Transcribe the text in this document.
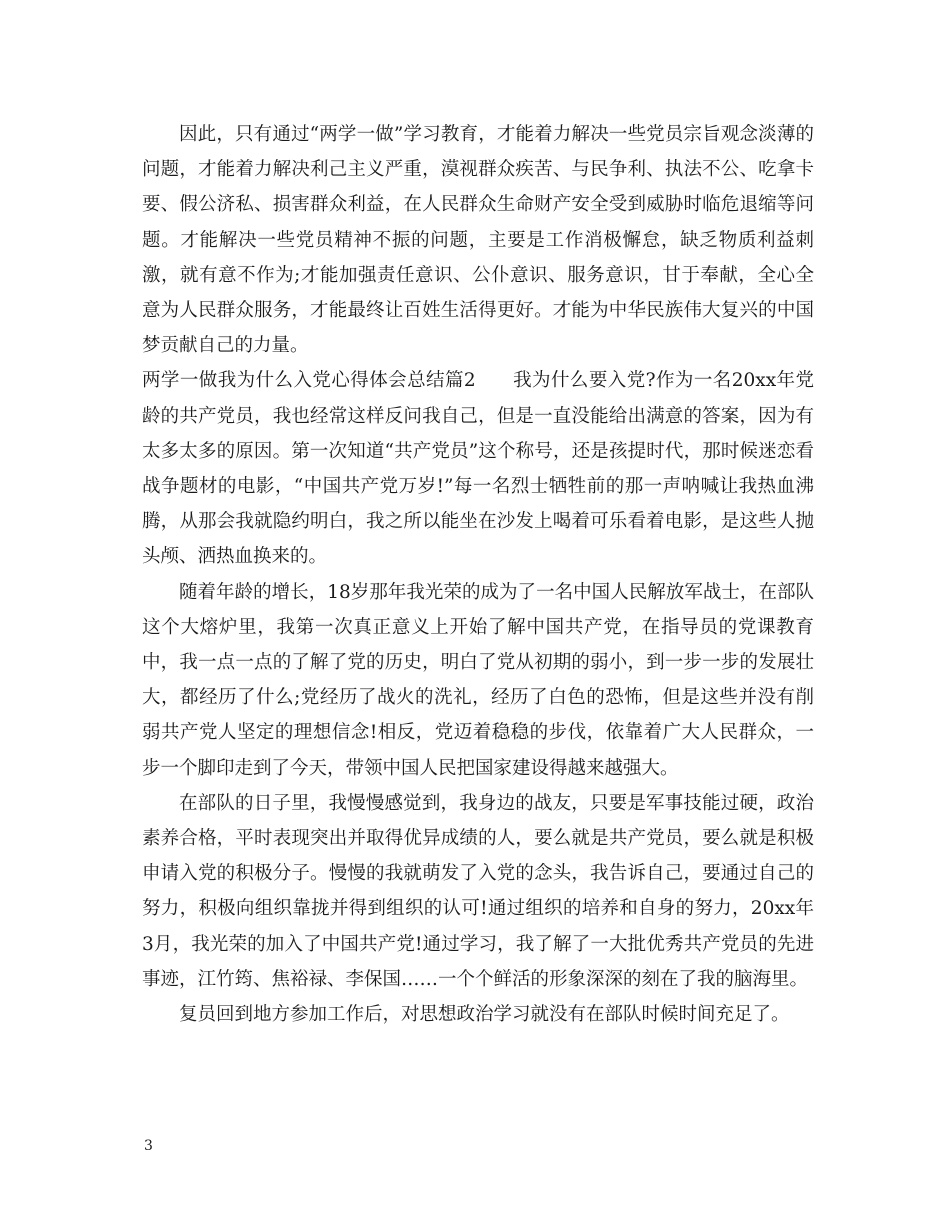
因此，只有通过“两学一做”学习教育，才能着力解决一些党员宗旨观念淡薄的问题，才能着力解决利己主义严重，漠视群众疾苦、与民争利、执法不公、吃拿卡要、假公济私、损害群众利益，在人民群众生命财产安全受到威胁时临危退缩等问题。才能解决一些党员精神不振的问题，主要是工作消极懈怠，缺乏物质利益刺激，就有意不作为;才能加强责任意识、公仆意识、服务意识，甘于奉献，全心全意为人民群众服务，才能最终让百姓生活得更好。才能为中华民族伟大复兴的中国梦贡献自己的力量。

两学一做我为什么入党心得体会总结篇2   我为什么要入党?作为一名20xx年党龄的共产党员，我也经常这样反问我自己，但是一直没能给出满意的答案，因为有太多太多的原因。第一次知道“共产党员”这个称号，还是孩提时代，那时候迷恋看战争题材的电影，“中国共产党万岁!”每一名烈士牺牲前的那一声呐喊让我热血沸腾，从那会我就隐约明白，我之所以能坐在沙发上喝着可乐看着电影，是这些人抛头颅、洒热血换来的。

随着年龄的增长，18岁那年我光荣的成为了一名中国人民解放军战士，在部队这个大熔炉里，我第一次真正意义上开始了解中国共产党，在指导员的党课教育中，我一点一点的了解了党的历史，明白了党从初期的弱小，到一步一步的发展壮大，都经历了什么;党经历了战火的洗礼，经历了白色的恐怖，但是这些并没有削弱共产党人坚定的理想信念!相反，党迈着稳稳的步伐，依靠着广大人民群众，一步一个脚印走到了今天，带领中国人民把国家建设得越来越强大。

在部队的日子里，我慢慢感觉到，我身边的战友，只要是军事技能过硬，政治素养合格，平时表现突出并取得优异成绩的人，要么就是共产党员，要么就是积极申请入党的积极分子。慢慢的我就萌发了入党的念头，我告诉自己，要通过自己的努力，积极向组织靠拢并得到组织的认可!通过组织的培养和自身的努力，20xx年3月，我光荣的加入了中国共产党!通过学习，我了解了一大批优秀共产党员的先进事迹，江竹筠、焦裕禄、李保国……一个个鲜活的形象深深的刻在了我的脑海里。

复员回到地方参加工作后，对思想政治学习就没有在部队时候时间充足了。

3
